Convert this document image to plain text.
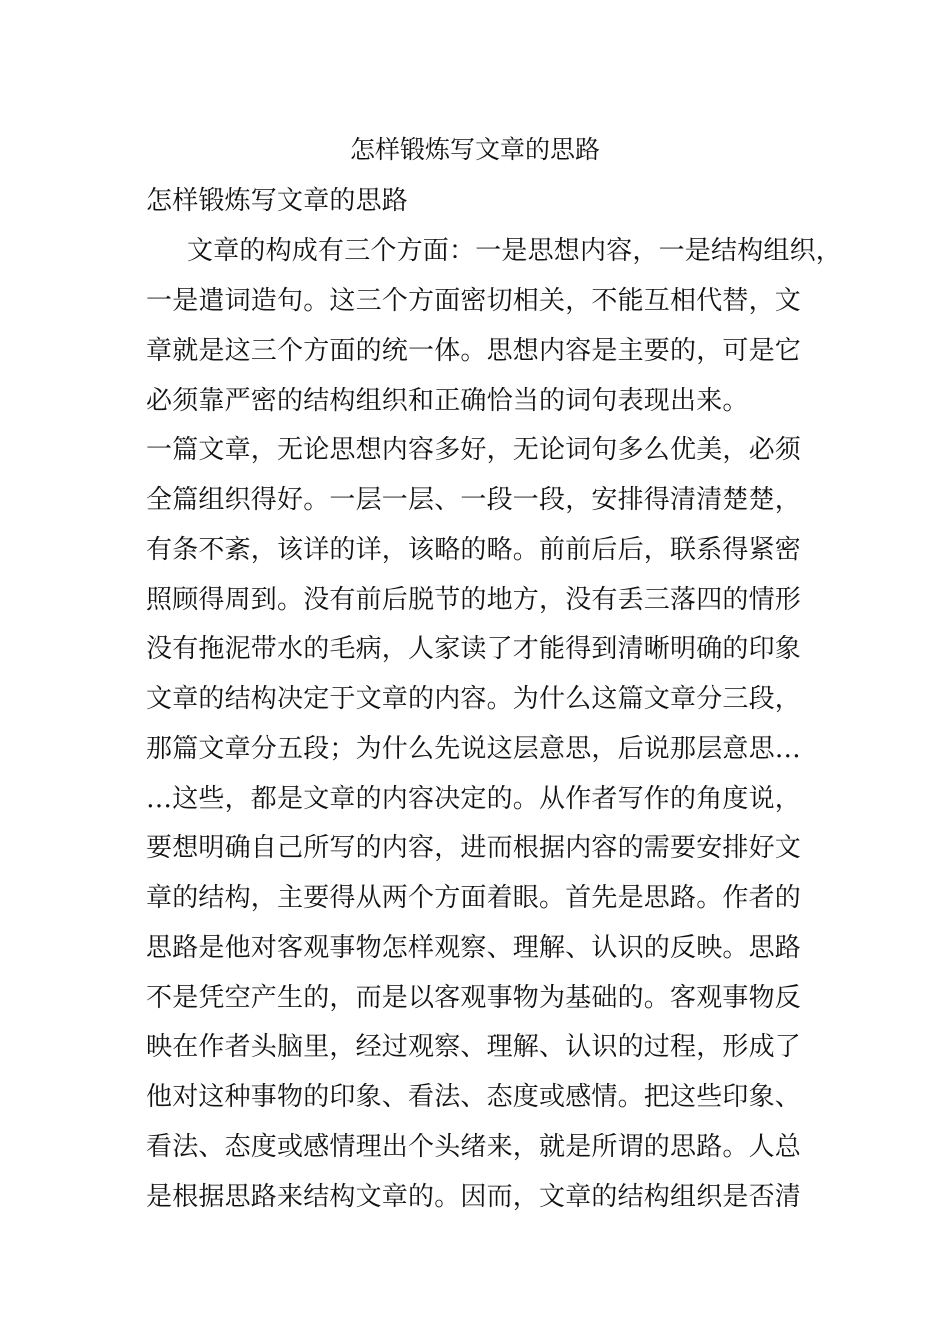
怎样锻炼写文章的思路
怎样锻炼写文章的思路
文章的构成有三个方面：一是思想内容，一是结构组织，
一是遣词造句。这三个方面密切相关，不能互相代替，文
章就是这三个方面的统一体。思想内容是主要的，可是它
必须靠严密的结构组织和正确恰当的词句表现出来。
一篇文章，无论思想内容多好，无论词句多么优美，必须
全篇组织得好。一层一层、一段一段，安排得清清楚楚，
有条不紊，该详的详，该略的略。前前后后，联系得紧密
照顾得周到。没有前后脱节的地方，没有丢三落四的情形
没有拖泥带水的毛病，人家读了才能得到清晰明确的印象
文章的结构决定于文章的内容。为什么这篇文章分三段，
那篇文章分五段；为什么先说这层意思，后说那层意思…
…这些，都是文章的内容决定的。从作者写作的角度说，
要想明确自己所写的内容，进而根据内容的需要安排好文
章的结构，主要得从两个方面着眼。首先是思路。作者的
思路是他对客观事物怎样观察、理解、认识的反映。思路
不是凭空产生的，而是以客观事物为基础的。客观事物反
映在作者头脑里，经过观察、理解、认识的过程，形成了
他对这种事物的印象、看法、态度或感情。把这些印象、
看法、态度或感情理出个头绪来，就是所谓的思路。人总
是根据思路来结构文章的。因而，文章的结构组织是否清
